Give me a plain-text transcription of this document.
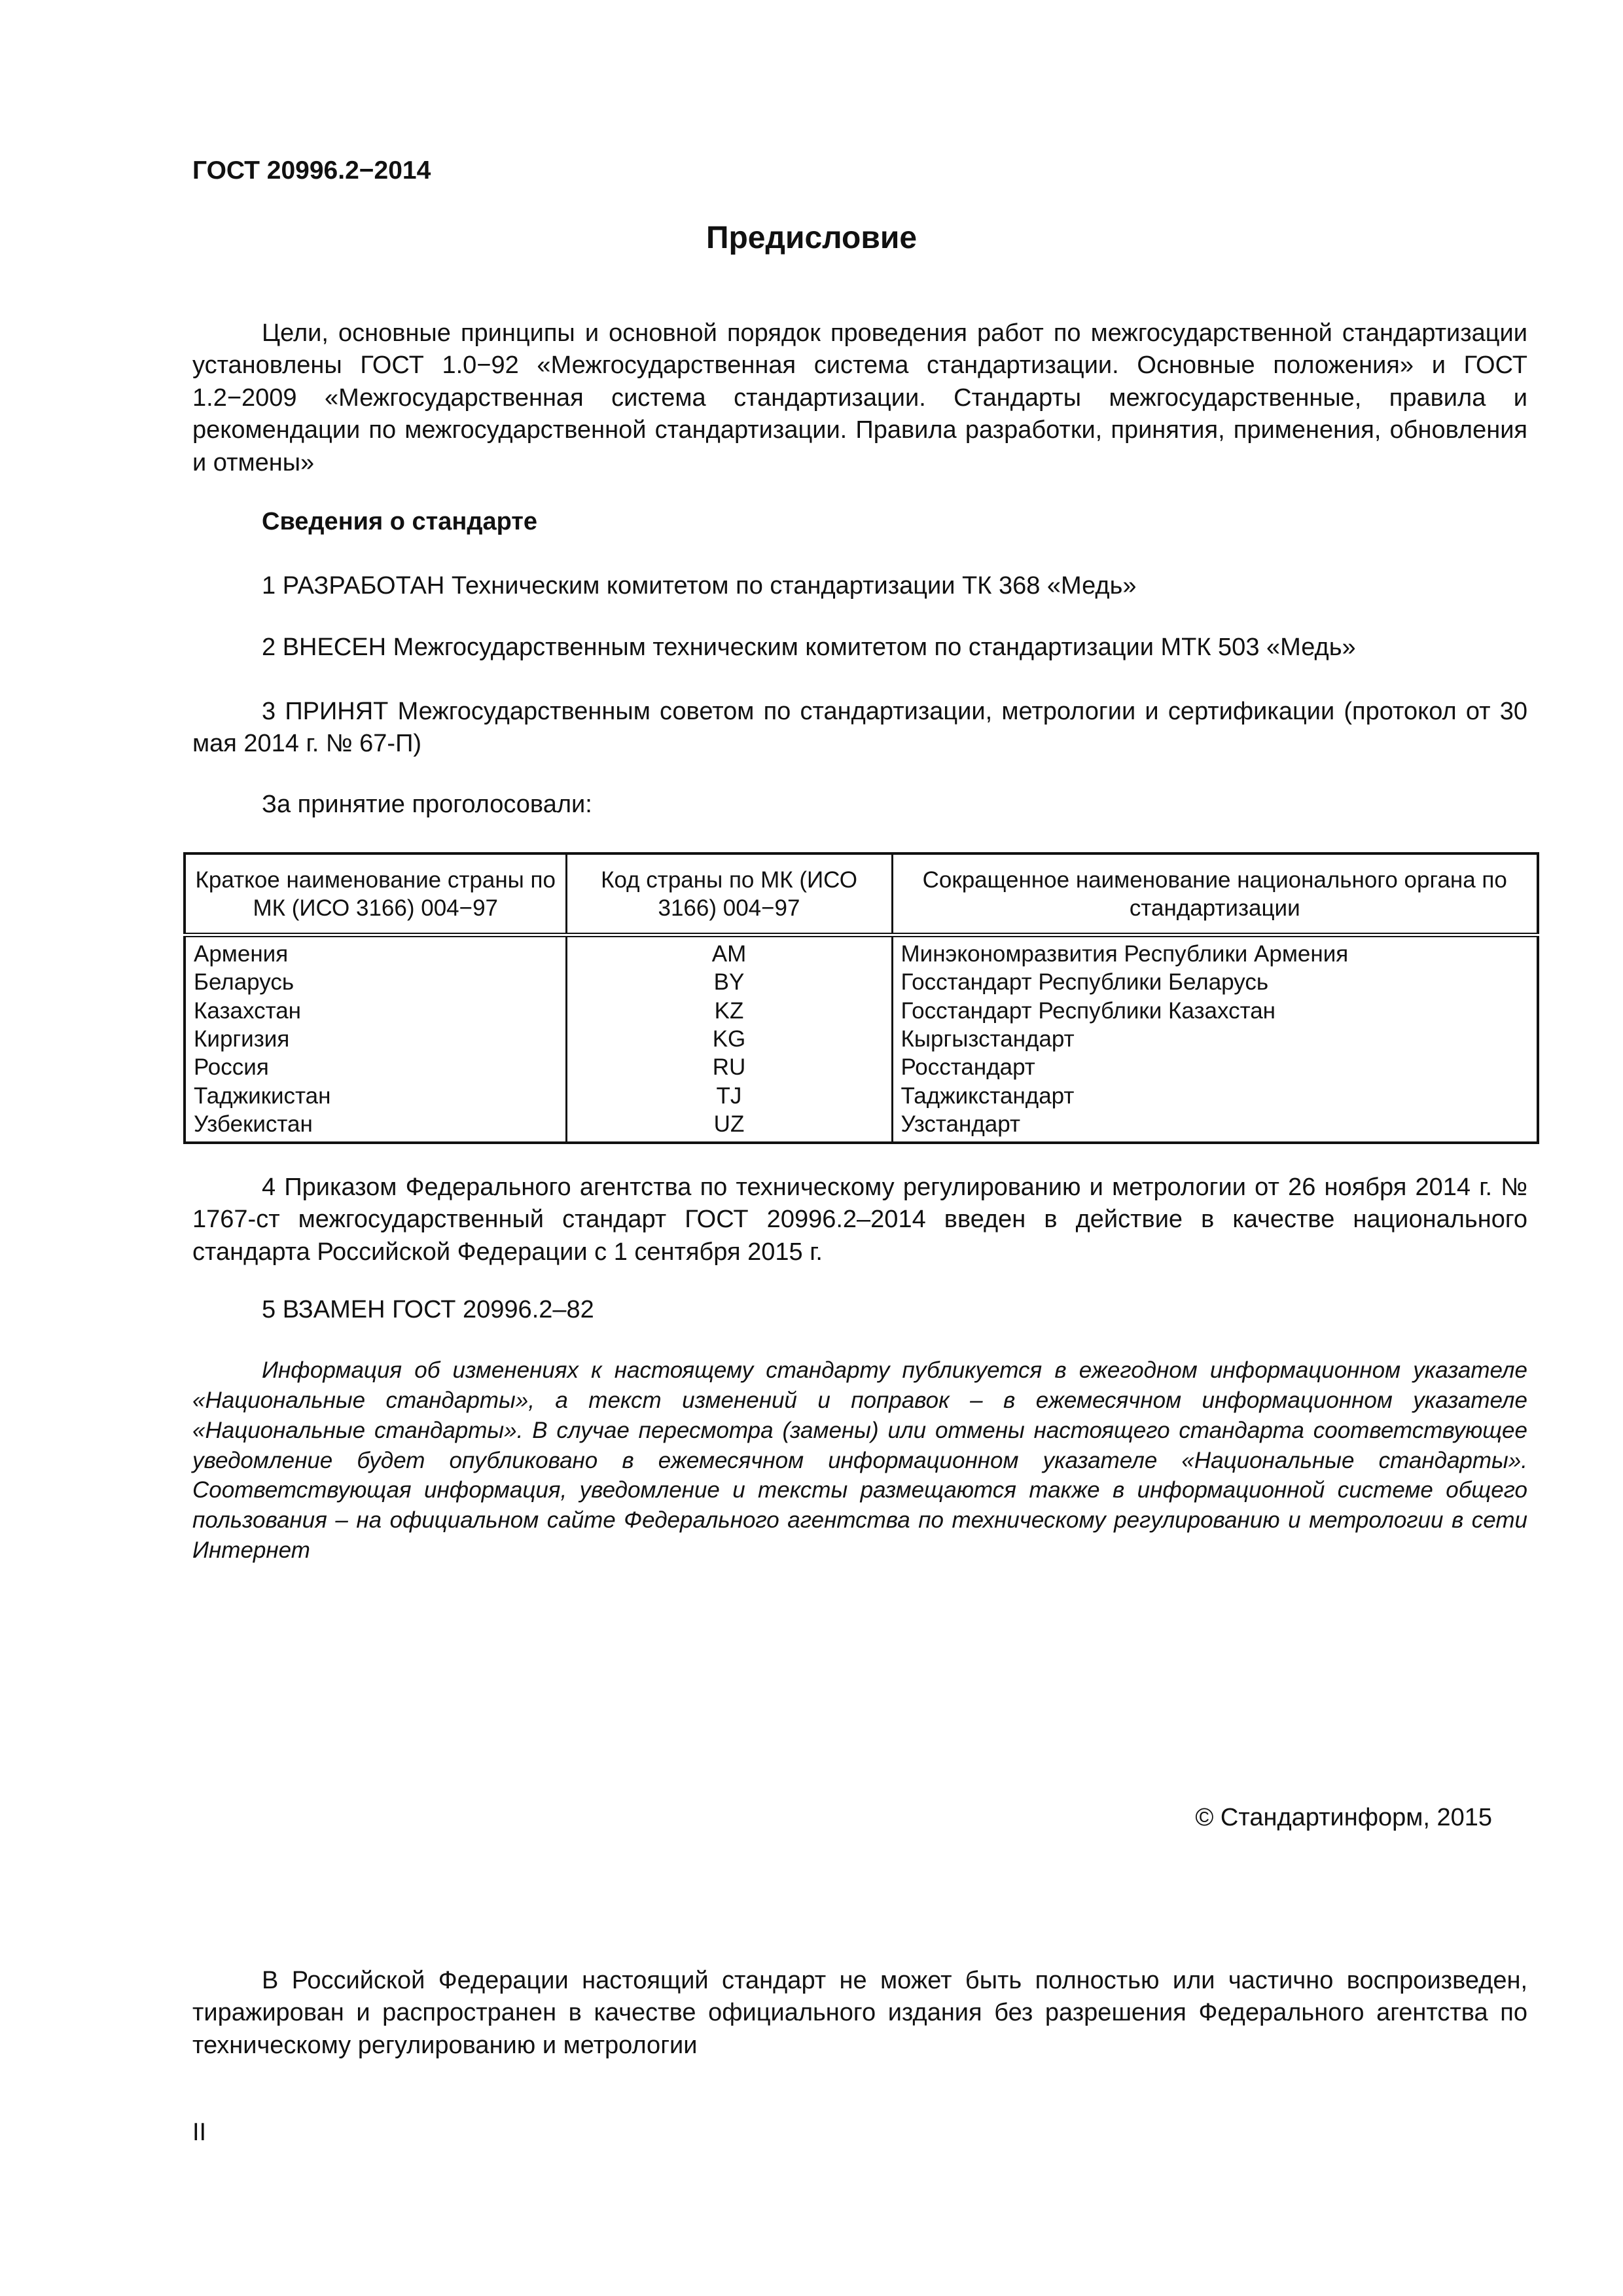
ГОСТ 20996.2−2014
Предисловие

Цели, основные принципы и основной порядок проведения работ по межгосударственной стандартизации установлены ГОСТ 1.0−92 «Межгосударственная система стандартизации. Основные положения» и ГОСТ 1.2−2009 «Межгосударственная система стандартизации. Стандарты межгосударственные, правила и рекомендации по межгосударственной стандартизации. Правила разработки, принятия, применения, обновления и отмены»

Сведения о стандарте

1 РАЗРАБОТАН Техническим комитетом по стандартизации ТК 368 «Медь»

2 ВНЕСЕН Межгосударственным техническим комитетом по стандартизации МТК 503 «Медь»

3 ПРИНЯТ Межгосударственным советом по стандартизации, метрологии и сертификации (протокол от 30 мая 2014 г. № 67-П)

За принятие проголосовали:

Краткое наименование страны по МК (ИСО 3166) 004−97	Код страны по МК (ИСО 3166) 004−97	Сокращенное наименование национального органа по стандартизации
Армения	AM	Минэкономразвития Республики Армения
Беларусь	BY	Госстандарт Республики Беларусь
Казахстан	KZ	Госстандарт Республики Казахстан
Киргизия	KG	Кыргызстандарт
Россия	RU	Росстандарт
Таджикистан	TJ	Таджикстандарт
Узбекистан	UZ	Узстандарт

4 Приказом Федерального агентства по техническому регулированию и метрологии от 26 ноября 2014 г. № 1767-ст межгосударственный стандарт ГОСТ 20996.2–2014 введен в действие в качестве национального стандарта Российской Федерации с 1 сентября 2015 г.

5 ВЗАМЕН ГОСТ 20996.2–82

Информация об изменениях к настоящему стандарту публикуется в ежегодном информационном указателе «Национальные стандарты», а текст изменений и поправок – в ежемесячном информационном указателе «Национальные стандарты». В случае пересмотра (замены) или отмены настоящего стандарта соответствующее уведомление будет опубликовано в ежемесячном информационном указателе «Национальные стандарты». Соответствующая информация, уведомление и тексты размещаются также в информационной системе общего пользования – на официальном сайте Федерального агентства по техническому регулированию и метрологии в сети Интернет

© Стандартинформ, 2015

В Российской Федерации настоящий стандарт не может быть полностью или частично воспроизведен, тиражирован и распространен в качестве официального издания без разрешения Федерального агентства по техническому регулированию и метрологии

II
